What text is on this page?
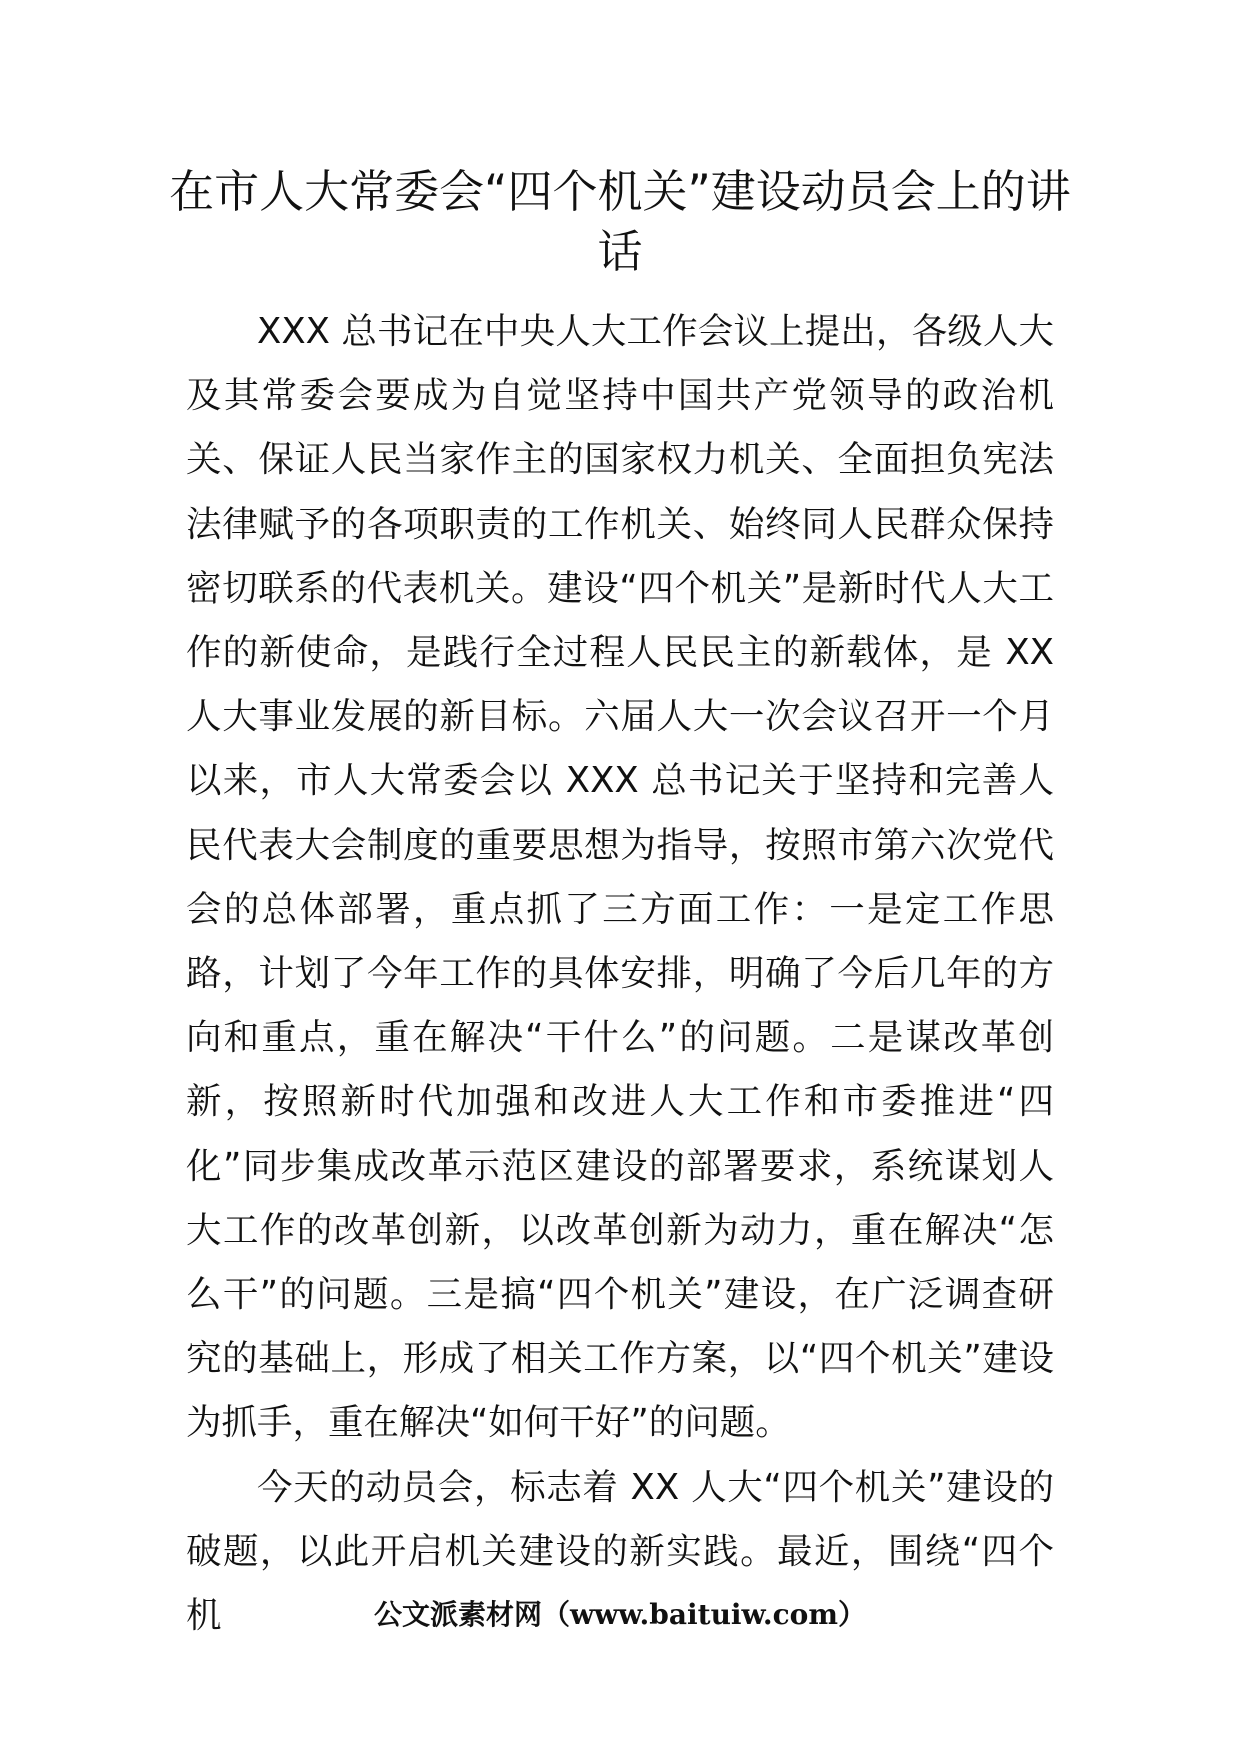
在市人大常委会“四个机关”建设动员会上的讲话

XXX 总书记在中央人大工作会议上提出，各级人大及其常委会要成为自觉坚持中国共产党领导的政治机关、保证人民当家作主的国家权力机关、全面担负宪法法律赋予的各项职责的工作机关、始终同人民群众保持密切联系的代表机关。建设“四个机关”是新时代人大工作的新使命，是践行全过程人民民主的新载体，是 XX 人大事业发展的新目标。六届人大一次会议召开一个月以来，市人大常委会以 XXX 总书记关于坚持和完善人民代表大会制度的重要思想为指导，按照市第六次党代会的总体部署，重点抓了三方面工作：一是定工作思路，计划了今年工作的具体安排，明确了今后几年的方向和重点，重在解决“干什么”的问题。二是谋改革创新，按照新时代加强和改进人大工作和市委推进“四化”同步集成改革示范区建设的部署要求，系统谋划人大工作的改革创新，以改革创新为动力，重在解决“怎么干”的问题。三是搞“四个机关”建设，在广泛调查研究的基础上，形成了相关工作方案，以“四个机关”建设为抓手，重在解决“如何干好”的问题。

今天的动员会，标志着 XX 人大“四个机关”建设的破题，以此开启机关建设的新实践。最近，围绕“四个机	公文派素材网（www.baituiw.com）
